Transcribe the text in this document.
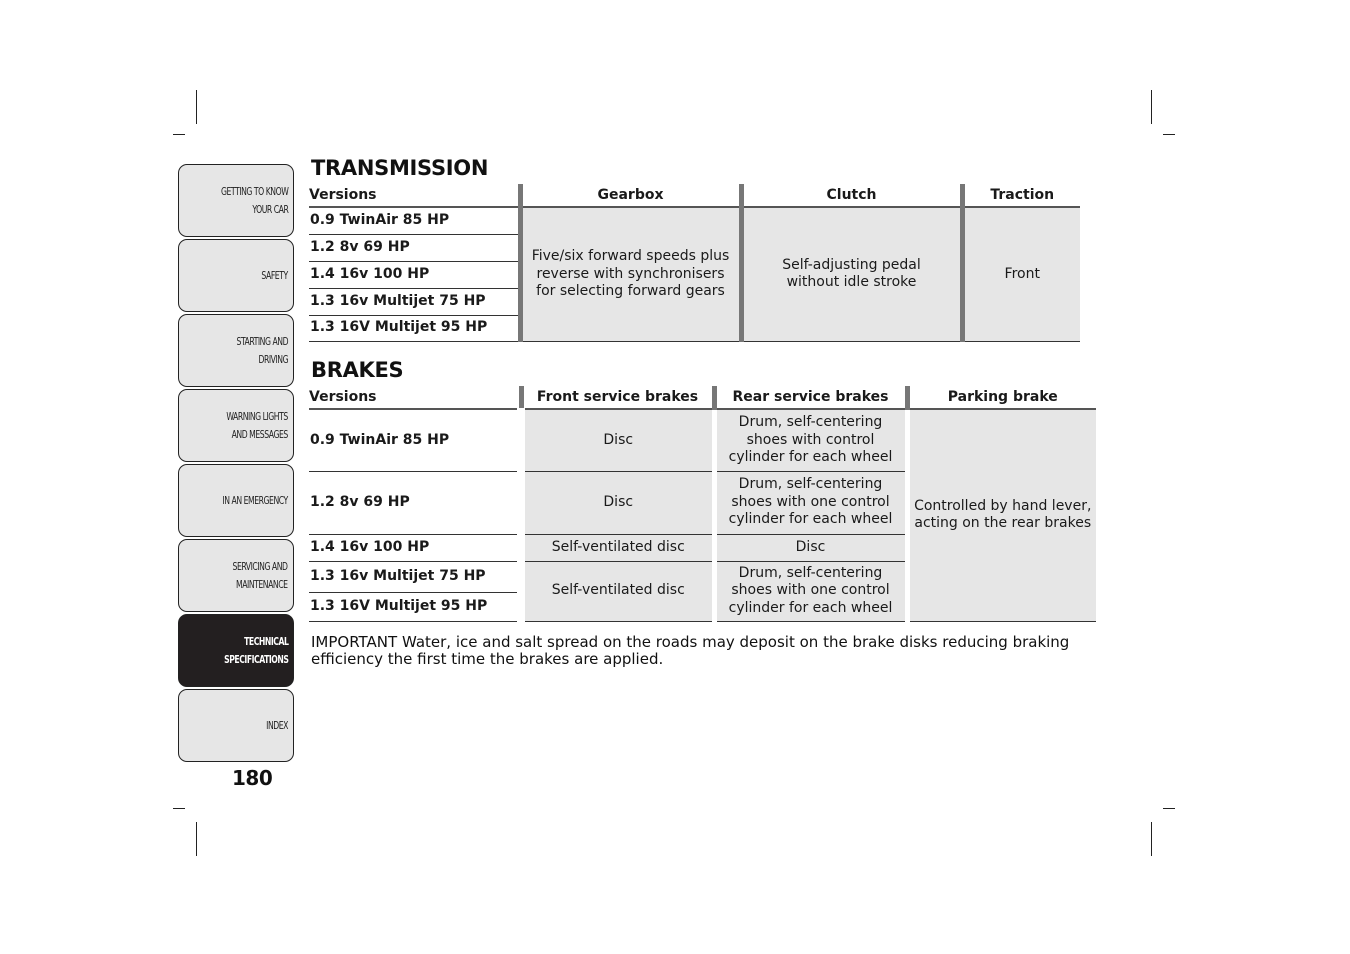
GETTING TO KNOW
YOUR CAR
SAFETY
STARTING AND
DRIVING
WARNING LIGHTS
AND MESSAGES
IN AN EMERGENCY
SERVICING AND
MAINTENANCE
TECHNICAL
SPECIFICATIONS
INDEX
180
TRANSMISSION
Versions	Gearbox	Clutch	Traction
0.9 TwinAir 85 HP	Five/six forward speeds plus reverse with synchronisers for selecting forward gears	Self-adjusting pedal without idle stroke	Front
1.2 8v 69 HP			
1.4 16v 100 HP			
1.3 16v Multijet 75 HP			
1.3 16V Multijet 95 HP			
BRAKES
Versions	Front service brakes	Rear service brakes	Parking brake
0.9 TwinAir 85 HP	Disc	Drum, self-centering shoes with control cylinder for each wheel	Controlled by hand lever, acting on the rear brakes

1.2 8v 69 HP	Disc	Drum, self-centering shoes with one control cylinder for each wheel	

1.4 16v 100 HP	Self-ventilated disc	Disc	
1.3 16v Multijet 75 HP	Self-ventilated disc	Drum, self-centering shoes with one control cylinder for each wheel	

1.3 16V Multijet 95 HP			
IMPORTANT Water, ice and salt spread on the roads may deposit on the brake disks reducing braking efficiency the first time the brakes are applied.
